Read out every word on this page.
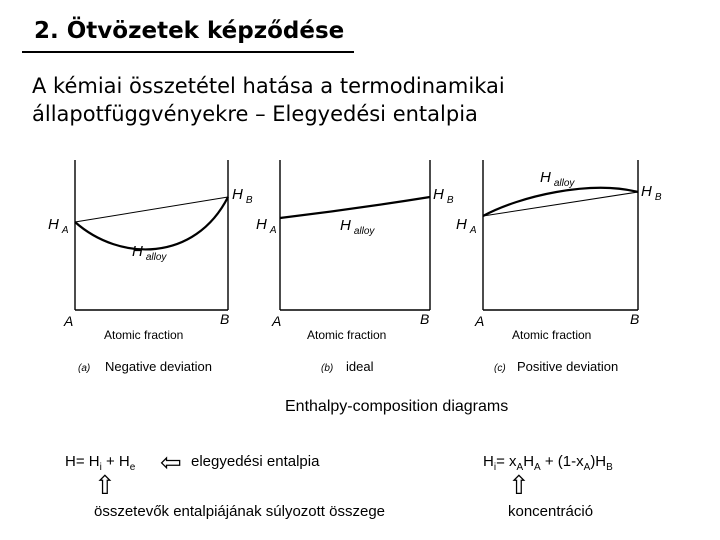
2. Ötvözetek képződése
A kémiai összetétel hatása a termodinamikai
állapotfüggvényekre – Elegyedési entalpia
H $_A$
H $_B$
H $_{alloy}$
A	B
Atomic fraction
(a) Negative deviation
H $_A$
H $_B$
H $_{alloy}$
A	B
Atomic fraction
(b) ideal
H $_A$
H $_B$
H $_{alloy}$
A	B
Atomic fraction
(c) Positive deviation
Enthalpy-composition diagrams
$H= H_i + H_e$ ⇦ elegyedési entalpia
⇧
összetevők entalpiájának súlyozott összege
$H_i= x_AH_A + (1-x_A)H_B$
⇧
koncentráció
